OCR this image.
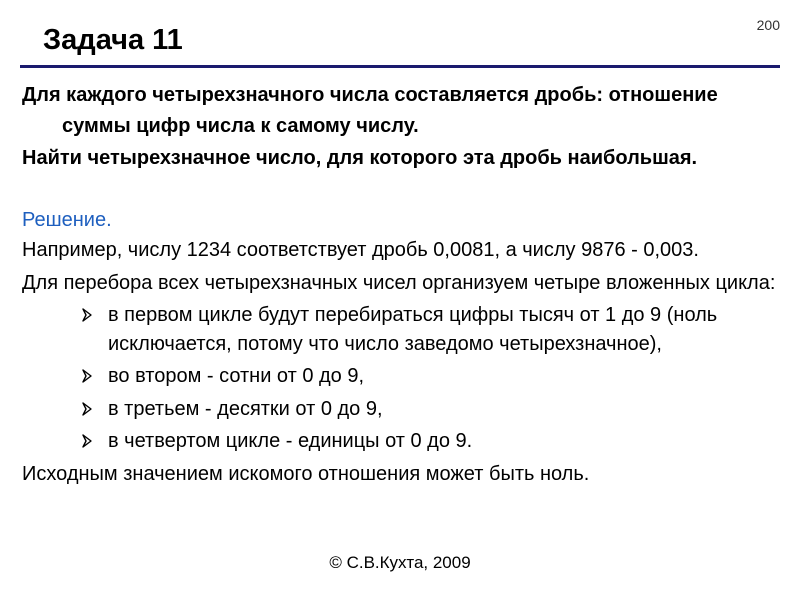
200
Задача 11

Для каждого четырехзначного числа составляется дробь: отношение суммы цифр числа к самому числу.

Найти четырехзначное число, для которого эта дробь наибольшая.

Решение.

Например, числу 1234 соответствует дробь 0,0081, а числу 9876 - 0,003.

Для перебора всех четырехзначных чисел организуем четыре вложенных цикла:

в первом цикле будут перебираться цифры тысяч от 1 до 9 (ноль исключается, потому что число заведомо четырехзначное),
во втором - сотни от 0 до 9,
в третьем - десятки от 0 до 9,
в четвертом цикле - единицы от 0 до 9.

Исходным значением искомого отношения может быть ноль.

© С.В.Кухта, 2009
